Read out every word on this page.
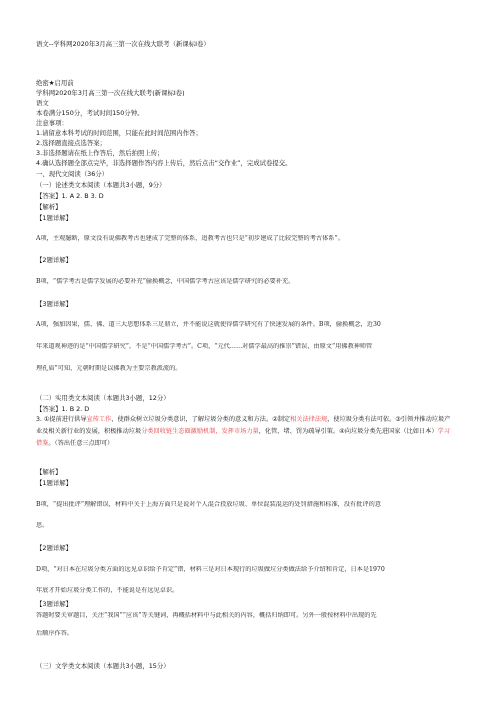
语文--学科网2020年3月高三第一次在线大联考（新课标Ⅰ卷）
绝密★启用前
学科网2020年3月高三第一次在线大联考(新课标Ⅰ卷)
语文
本卷满分150分，考试时间150分钟。
注意事项：
1.请留意本科考试的时间范围，只能在此时间范围内作答；
2.选择题直接点选答案；
3.非选择题请在纸上作答后，然后拍照上传；
4.确认选择题全部点完毕，非选择题作答内容上传后，然后点击“交作业”，完成试卷提交。
一、现代文阅读（36分）
（一）论述类文本阅读（本题共3小题，9分）
【答案】1. A 2. B 3. D
【解析】
【1题详解】
A项，主观臆断，原文没有说佛教考古也建成了完整的体系，追教考古也只是“初步建成了比较完整的考古体系”。
【2题详解】
B项，“儒学考古是儒学发展的必要补充”偷换概念，中国儒学考古应该是儒学研究的必要补充。
【3题详解】
A项，强加因果，儒、佛、道三大思想体系三足鼎立，并不能说这就使得儒学研究有了快速发展的条件。B项，偷换概念，近30
年来道观神迹的是“中国儒学研究”，不是“中国儒学考古”。C项，“元代……对儒学最高的推崇”错误，由原文“用佛教神师管
理孔庙”可知，元朝时期是以佛教为主要宗教派流的。
（二）实用类文本阅读（本题共3小题，12分）
【答案】1. B 2. D
3. ①提前进行供导宣传工作，使群众树立垃圾分类意识，了解垃圾分类的意义和方法。②制定相关法律法规，使垃圾分类有法可依。③引领并推动垃圾产业及相关新行业的发展，积极推动垃圾分类回收链生态圈激励机制，发挥市场力量，化管、堵、罚为疏导引策。④向垃圾分类先进国家（比如日本）学习借鉴。（答出任意三点即可）
【解析】
【1题详解】
B项，“提出批评”理解错误，材料中关于上海方面只是说对个人混合投放垃圾、单位混装混运的处罚措施和标准，没有批评的意
思。
【2题详解】
D项，“对日本在垃圾分类方面的远见卓识给予肯定”错，材料三是对日本现行的垃圾做垃分类做法给予介绍和肯定，日本是1970
年底才开始垃圾分类工作的，不能说是有远见卓识。
【3题详解】
答题时要关审题目，关注“我国”“应该”等关键词，再概括材料中与此相关的内容，概括归纳即可。另外一般按材料中出现的先
后顺序作答。
（三）文学类文本阅读（本题共3小题，15分）
